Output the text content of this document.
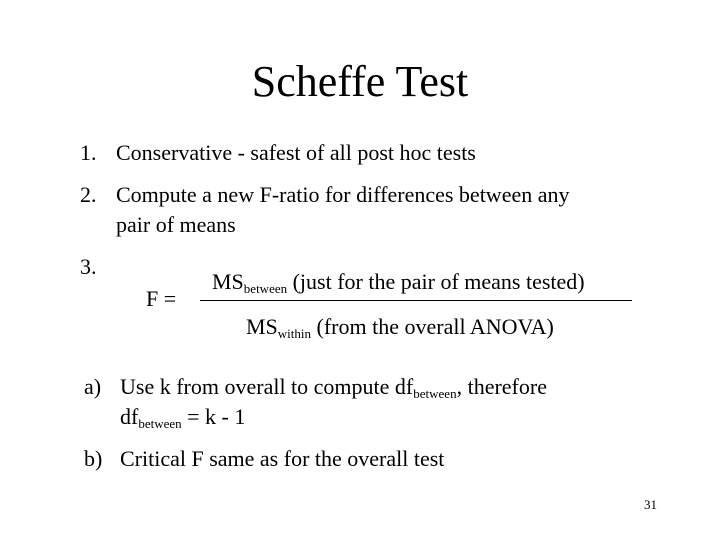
Scheffe Test
1. Conservative - safest of all post hoc tests
2. Compute a new F-ratio for differences between any
pair of means
3.
F =
$MS_{between}$ (just for the pair of means tested)
$MS_{within}$ (from the overall ANOVA)
a) Use k from overall to compute $df_{between}$, therefore
$df_{between} = k - 1$
b) Critical F same as for the overall test
31
